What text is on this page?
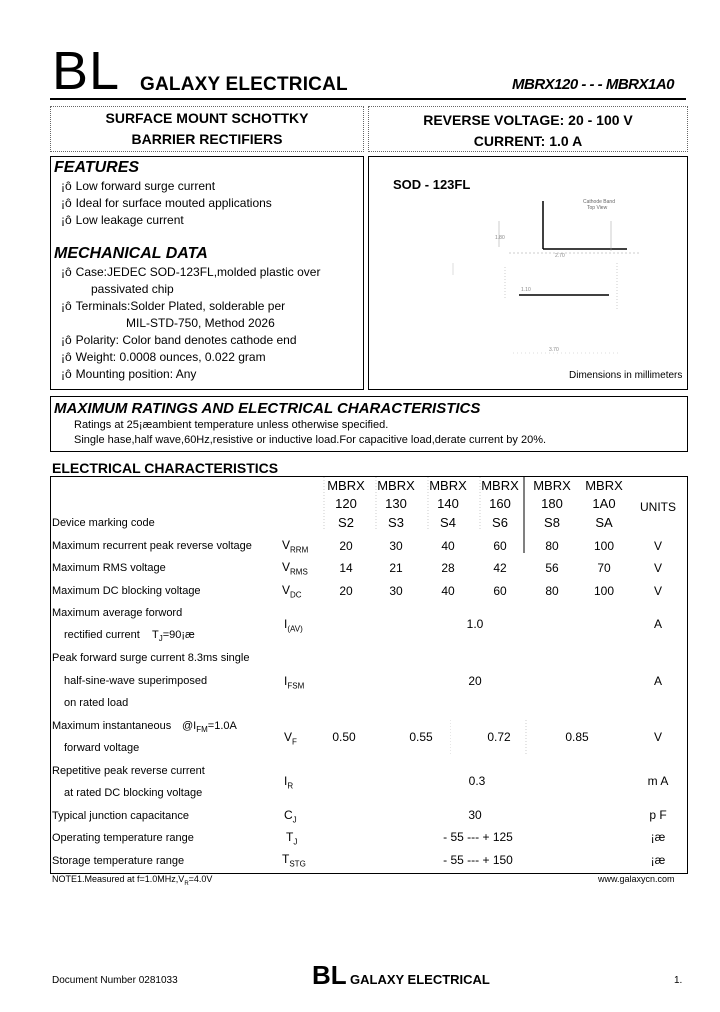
BL GALAXY ELECTRICAL	MBRX120 - - - MBRX1A0
SURFACE MOUNT SCHOTTKY
BARRIER RECTIFIERS
REVERSE VOLTAGE: 20 - 100 V
CURRENT: 1.0 A
FEATURES
¡ô Low forward surge current
¡ô Ideal for surface mouted applications
¡ô Low leakage current
MECHANICAL DATA
¡ô Case:JEDEC SOD-123FL,molded plastic over
passivated chip
¡ô Terminals:Solder Plated, solderable per
MIL-STD-750, Method 2026
¡ô Polarity: Color band denotes cathode end
¡ô Weight: 0.0008 ounces, 0.022 gram
¡ô Mounting position: Any
SOD - 123FL
Cathode Band
Top View
2.70
3.70
1.80
1.10
Dimensions in millimeters
MAXIMUM RATINGS AND ELECTRICAL CHARACTERISTICS
Ratings at 25¡æambient temperature unless otherwise specified.
Single hase,half wave,60Hz,resistive or inductive load.For capacitive load,derate current by 20%.
ELECTRICAL CHARACTERISTICS
MBRX MBRX MBRX MBRX MBRX MBRX
120	130	140	160	180	1A0	UNITS
Device marking code	S2	S3	S4	S6	S8	SA
Maximum recurrent peak reverse voltage	$V_{RRM}$	20	30	40	60	80	100	V
Maximum RMS voltage	$V_{RMS}$	14	21	28	42	56	70	V
Maximum DC blocking voltage	$V_{DC}$	20	30	40	60	80	100	V
Maximum average forword
rectified current $T_J=90¡æ$
$I_{(AV)}$	1.0	A
Peak forward surge current 8.3ms single
half-sine-wave superimposed
on rated load
$I_{FSM}$	20	A
Maximum instantaneous $@I_{FM}=1.0A$
forward voltage
$V_F$	0.50	0.55	0.72	0.85	V
Repetitive peak reverse current
at rated DC blocking voltage
$I_R$	0.3	m A
Typical junction capacitance	$C_J$	30	p F
Operating temperature range	$T_J$	- 55 --- + 125	¡æ
Storage temperature range	$T_{STG}$	- 55 --- + 150	¡æ
NOTE1.Measured at $f=1.0MHz,V_R=4.0V$	www.galaxycn.com
Document Number 0281033	BL GALAXY ELECTRICAL	1.
